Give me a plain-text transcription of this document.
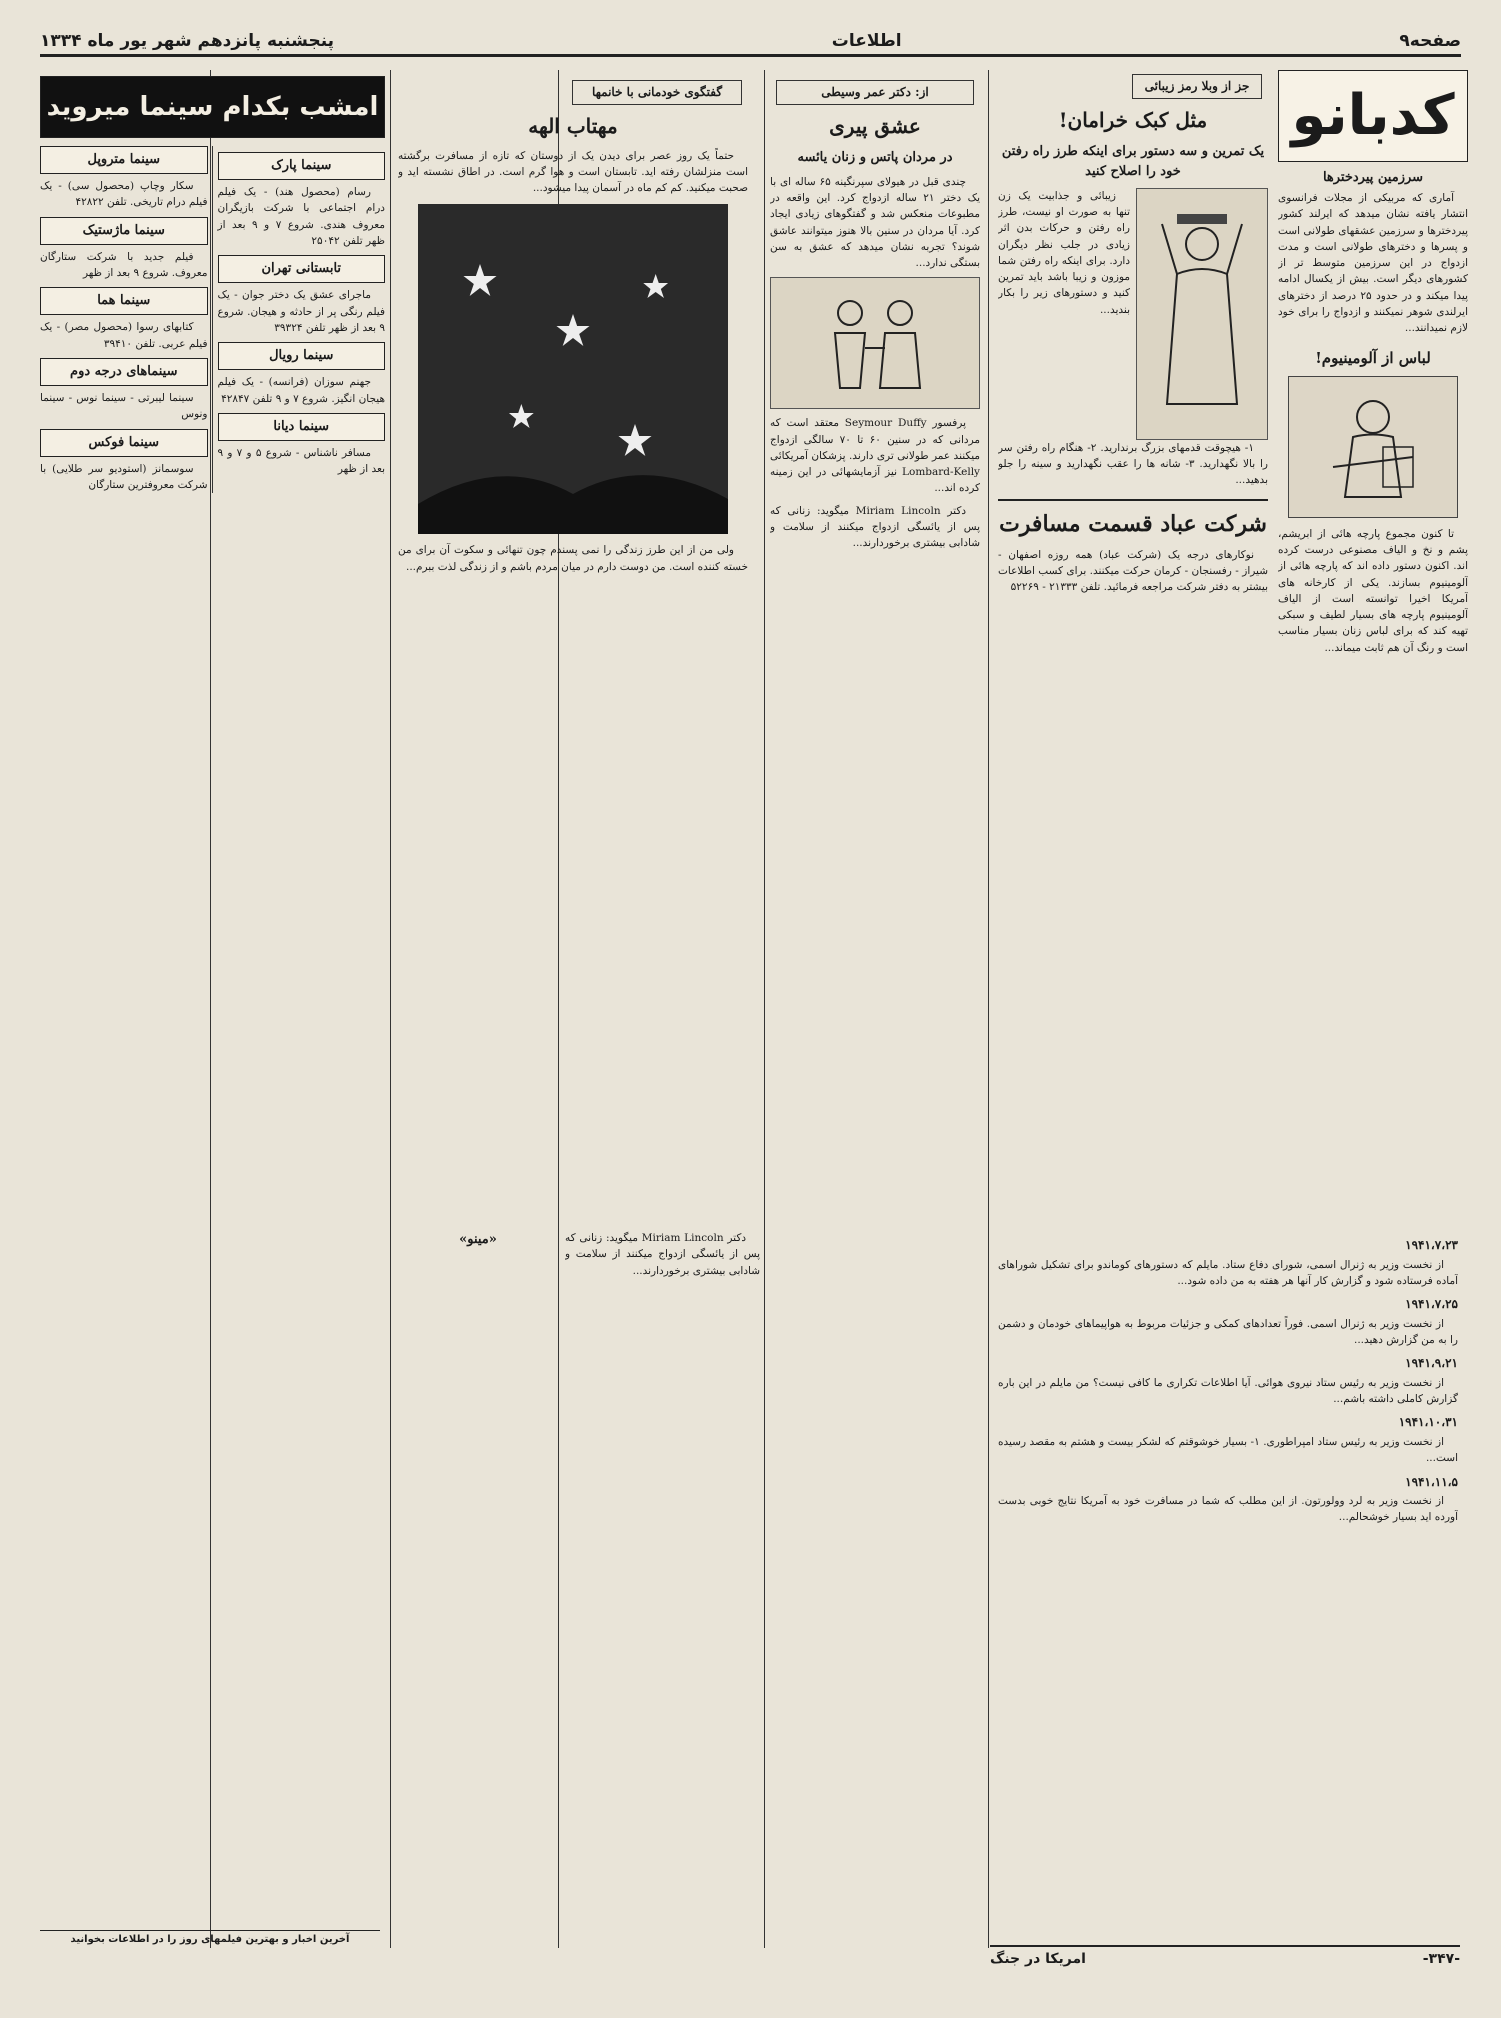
صفحه۹
اطلاعات
پنجشنبه پانزدهم شهر یور ماه ۱۳۳۴
کدبانو
سرزمین پیردخترها

آماری که مربیکی از مجلات فرانسوی انتشار یافته نشان میدهد که ایرلند کشور پیردخترها و سرزمین عشقهای طولانی است و پسرها و دخترهای طولانی است و مدت ازدواج در این سرزمین متوسط تر از کشورهای دیگر است. بیش از یکسال ادامه پیدا میکند و در حدود ۲۵ درصد از دخترهای ایرلندی شوهر نمیکنند و ازدواج را برای خود لازم نمیدانند...

لباس از آلومینیوم!

تا کنون مجموع پارچه هائی از ابریشم، پشم و نخ و الیاف مصنوعی درست کرده اند. اکنون دستور داده اند که پارچه هائی از آلومینیوم بسازند. یکی از کارخانه های آمریکا اخیرا توانسته است از الیاف آلومینیوم پارچه های بسیار لطیف و سبکی تهیه کند که برای لباس زنان بسیار مناسب است و رنگ آن هم ثابت میماند...

جز از وبلا رمز زیبائی
مثل کبک خرامان!
یک تمرین و سه دستور برای اینکه طرز راه رفتن خود را اصلاح کنید

زیبائی و جذابیت یک زن تنها به صورت او نیست، طرز راه رفتن و حرکات بدن اثر زیادی در جلب نظر دیگران دارد. برای اینکه راه رفتن شما موزون و زیبا باشد باید تمرین کنید و دستورهای زیر را بکار بندید...

۱- هیچوقت قدمهای بزرگ برندارید. ۲- هنگام راه رفتن سر را بالا نگهدارید. ۳- شانه ها را عقب نگهدارید و سینه را جلو بدهید...

شرکت عباد قسمت مسافرت

نوکارهای درجه یک (شرکت عباد) همه روزه اصفهان - شیراز - رفسنجان - کرمان حرکت میکنند. برای کسب اطلاعات بیشتر به دفتر شرکت مراجعه فرمائید. تلفن ۲۱۳۳۳ - ۵۲۲۶۹

۱۹۴۱،۷،۲۳

از نخست وزیر به ژنرال اسمی، شورای دفاع ستاد. مایلم که دستورهای کوماندو برای تشکیل شوراهای آماده فرستاده شود و گزارش کار آنها هر هفته به من داده شود...

۱۹۴۱،۷،۲۵

از نخست وزیر به ژنرال اسمی. فوراً تعدادهای کمکی و جزئیات مربوط به هواپیماهای خودمان و دشمن را به من گزارش دهید...

۱۹۴۱،۹،۲۱

از نخست وزیر به رئیس ستاد نیروی هوائی. آیا اطلاعات تکراری ما کافی نیست؟ من مایلم در این باره گزارش کاملی داشته باشم...

۱۹۴۱،۱۰،۳۱

از نخست وزیر به رئیس ستاد امپراطوری. ۱- بسیار خوشوقتم که لشکر بیست و هشتم به مقصد رسیده است...

۱۹۴۱،۱۱،۵

از نخست وزیر به لرد وولورتون. از این مطلب که شما در مسافرت خود به آمریکا نتایج خوبی بدست آورده اید بسیار خوشحالم...

از: دکتر عمر وسیطی
عشق پیری
در مردان پاتس و زنان یائسه

چندی قبل در هیولای سپرنگینه ۶۵ ساله ای با یک دختر ۲۱ ساله ازدواج کرد. این واقعه در مطبوعات منعکس شد و گفتگوهای زیادی ایجاد کرد. آیا مردان در سنین بالا هنوز میتوانند عاشق شوند؟ تجربه نشان میدهد که عشق به سن بستگی ندارد...

پرفسور Seymour Duffy معتقد است که مردانی که در سنین ۶۰ تا ۷۰ سالگی ازدواج میکنند عمر طولانی تری دارند. پزشکان آمریکائی Lombard-Kelly نیز آزمایشهائی در این زمینه کرده اند...

دکتر Miriam Lincoln میگوید: زنانی که پس از یائسگی ازدواج میکنند از سلامت و شادابی بیشتری برخوردارند...

دکتر Miriam Lincoln میگوید: زنانی که پس از یائسگی ازدواج میکنند از سلامت و شادابی بیشتری برخوردارند...

گفتگوی خودمانی با خانمها
مهتاب الهه

حتماً یک روز عصر برای دیدن یک از دوستان که تازه از مسافرت برگشته است منزلشان رفته اید. تابستان است و هوا گرم است. در اطاق نشسته اید و صحبت میکنید. کم کم ماه در آسمان پیدا میشود...

ولی من از این طرز زندگی را نمی پسندم چون تنهائی و سکوت آن برای من خسته کننده است. من دوست دارم در میان مردم باشم و از زندگی لذت ببرم...

«مینو»
امشب بکدام سینما میروید
سینما پارک

رسام (محصول هند) - یک فیلم درام اجتماعی با شرکت بازیگران معروف هندی. شروع ۷ و ۹ بعد از ظهر تلفن ۲۵۰۴۲

تابستانی تهران

ماجرای عشق یک دختر جوان - یک فیلم رنگی پر از حادثه و هیجان. شروع ۹ بعد از ظهر تلفن ۳۹۳۲۴

سینما رویال

جهنم سوزان (فرانسه) - یک فیلم هیجان انگیز. شروع ۷ و ۹ تلفن ۴۲۸۴۷

سینما دیانا

مسافر ناشناس - شروع ۵ و ۷ و ۹ بعد از ظهر

سینما متروپل

سکار وچاپ (محصول سی) - یک فیلم درام تاریخی. تلفن ۴۲۸۲۲

سینما ماژستیک

فیلم جدید با شرکت ستارگان معروف. شروع ۹ بعد از ظهر

سینما هما

کتابهای رسوا (محصول مصر) - یک فیلم عربی. تلفن ۳۹۴۱۰

سینماهای درجه دوم

سینما لیبرتی - سینما نوس - سینما ونوس

سینما فوکس

سوسمانز (استودیو سر طلایی) با شرکت معروفترین ستارگان

-۳۴۷-
امریکا در جنگ
آخرین اخبار و بهترین فیلمهای روز را در اطلاعات بخوانید
